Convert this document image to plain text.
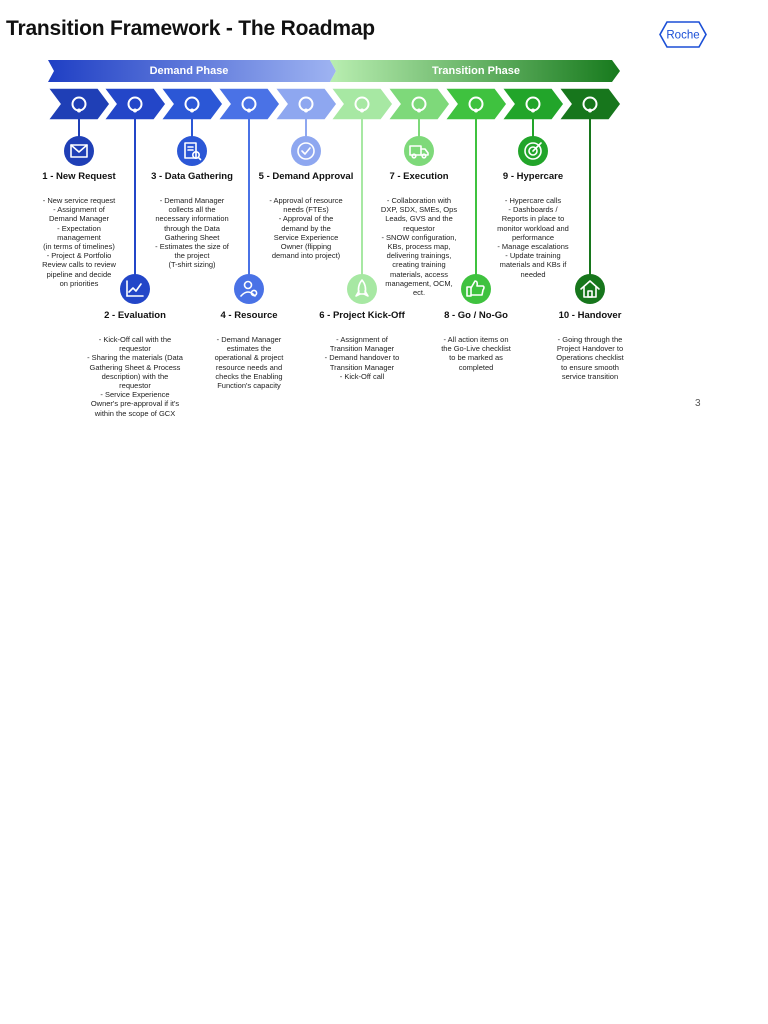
Transition Framework - The Roadmap	Roche
Demand Phase	Transition Phase
1 - New Request
- New service request
- Assignment of
Demand Manager
- Expectation
management
(in terms of timelines)
- Project & Portfolio
Review calls to review
pipeline and decide
on priorities
2 - Evaluation
- Kick-Off call with the
requestor
- Sharing the materials (Data
Gathering Sheet & Process
description) with the
requestor
- Service Experience
Owner's pre-approval if it's
within the scope of GCX
3 - Data Gathering
- Demand Manager
collects all the
necessary information
through the Data
Gathering Sheet
- Estimates the size of
the project
(T-shirt sizing)
4 - Resource
- Demand Manager
estimates the
operational & project
resource needs and
checks the Enabling
Function's capacity
5 - Demand Approval
- Approval of resource
needs (FTEs)
- Approval of the
demand by the
Service Experience
Owner (flipping
demand into project)
6 - Project Kick-Off
- Assignment of
Transition Manager
- Demand handover to
Transition Manager
- Kick-Off call
7 - Execution
- Collaboration with
DXP, SDX, SMEs, Ops
Leads, GVS and the
requestor
- SNOW configuration,
KBs, process map,
delivering trainings,
creating training
materials, access
management, OCM,
ect.
8 - Go / No-Go
- All action items on
the Go-Live checklist
to be marked as
completed
9 - Hypercare
- Hypercare calls
- Dashboards /
Reports in place to
monitor workload and
performance
- Manage escalations
- Update training
materials and KBs if
needed
10 - Handover
- Going through the
Project Handover to
Operations checklist
to ensure smooth
service transition
3
